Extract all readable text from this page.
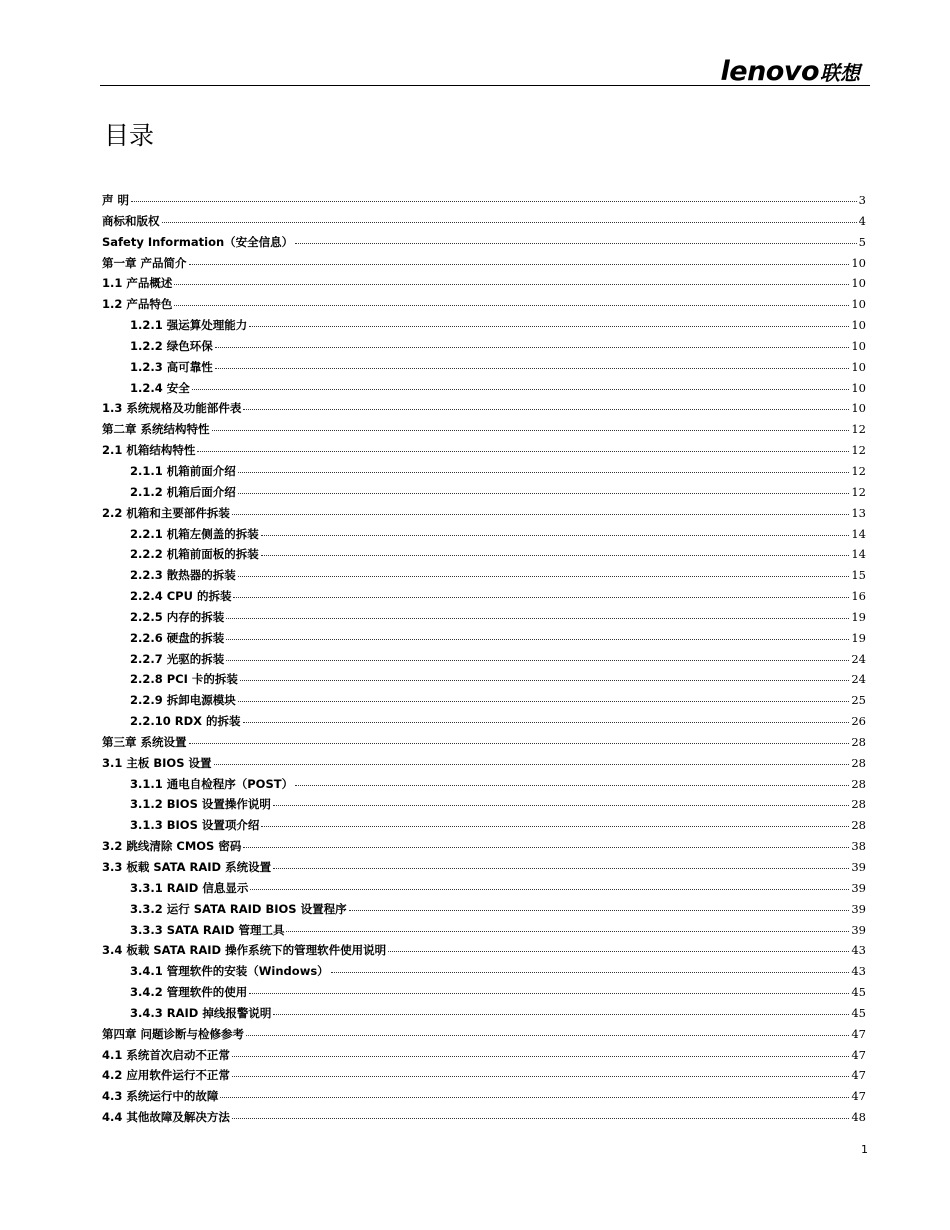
lenovo 联想
目录
声 明	3
商标和版权	4
Safety Information（安全信息）	5
第一章 产品简介	10
1.1 产品概述	10
1.2 产品特色	10
1.2.1 强运算处理能力	10
1.2.2 绿色环保	10
1.2.3 高可靠性	10
1.2.4 安全	10
1.3 系统规格及功能部件表	10
第二章 系统结构特性	12
2.1 机箱结构特性	12
2.1.1 机箱前面介绍	12
2.1.2 机箱后面介绍	12
2.2 机箱和主要部件拆装	13
2.2.1 机箱左侧盖的拆装	14
2.2.2 机箱前面板的拆装	14
2.2.3 散热器的拆装	15
2.2.4 CPU 的拆装	16
2.2.5 内存的拆装	19
2.2.6 硬盘的拆装	19
2.2.7 光驱的拆装	24
2.2.8 PCI 卡的拆装	24
2.2.9 拆卸电源模块	25
2.2.10 RDX 的拆装	26
第三章 系统设置	28
3.1 主板 BIOS 设置	28
3.1.1 通电自检程序（POST）	28
3.1.2 BIOS 设置操作说明	28
3.1.3 BIOS 设置项介绍	28
3.2 跳线清除 CMOS 密码	38
3.3 板载 SATA RAID 系统设置	39
3.3.1 RAID 信息显示	39
3.3.2 运行 SATA RAID BIOS 设置程序	39
3.3.3 SATA RAID 管理工具	39
3.4 板载 SATA RAID 操作系统下的管理软件使用说明	43
3.4.1 管理软件的安装（Windows）	43
3.4.2 管理软件的使用	45
3.4.3 RAID 掉线报警说明	45
第四章 问题诊断与检修参考	47
4.1 系统首次启动不正常	47
4.2 应用软件运行不正常	47
4.3 系统运行中的故障	47
4.4 其他故障及解决方法	48
1
